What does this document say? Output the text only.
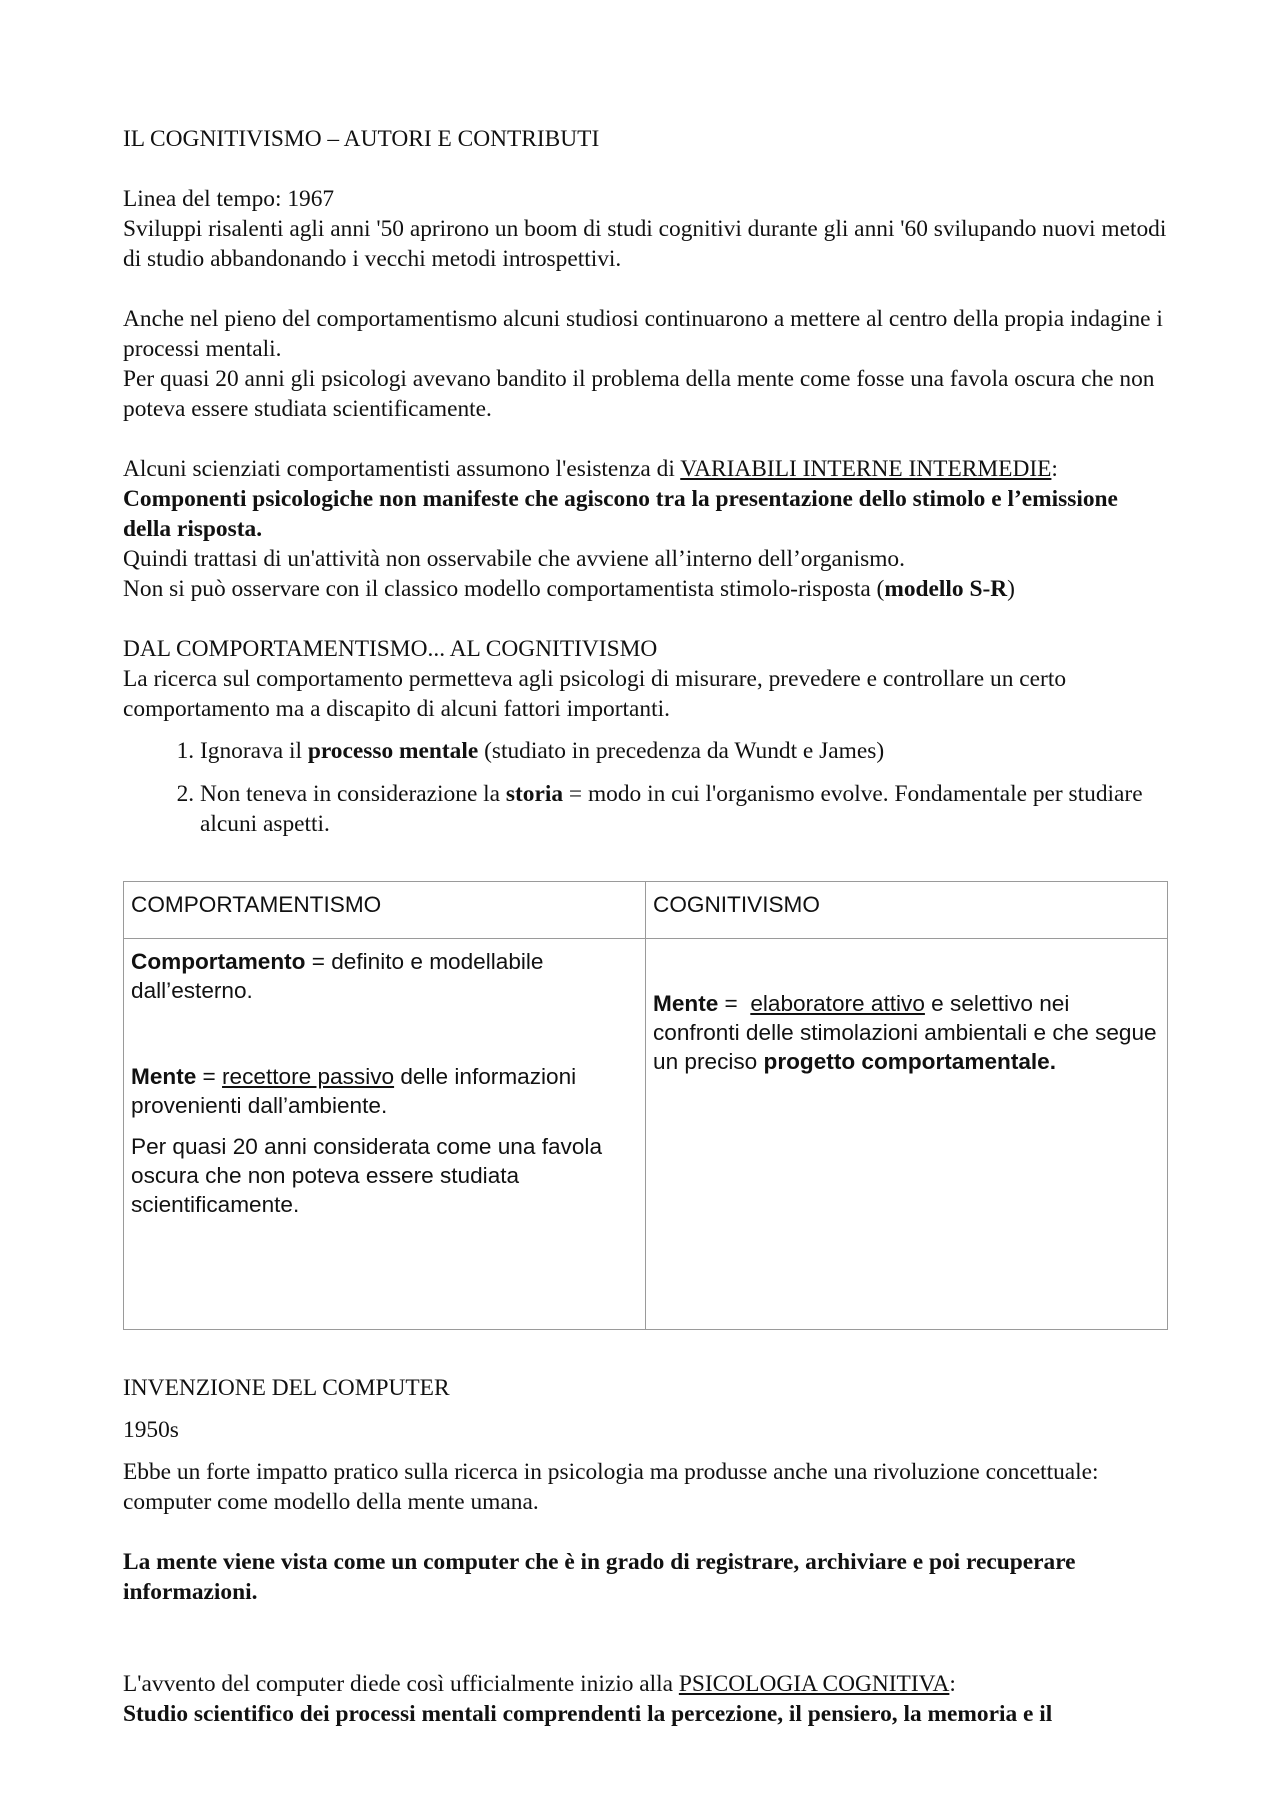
IL COGNITIVISMO – AUTORI E CONTRIBUTI

Linea del tempo: 1967

Sviluppi risalenti agli anni '50 aprirono un boom di studi cognitivi durante gli anni '60 svilupando nuovi metodi di studio abbandonando i vecchi metodi introspettivi.

Anche nel pieno del comportamentismo alcuni studiosi continuarono a mettere al centro della propia indagine i processi mentali.

Per quasi 20 anni gli psicologi avevano bandito il problema della mente come fosse una favola oscura che non poteva essere studiata scientificamente.

Alcuni scienziati comportamentisti assumono l'esistenza di VARIABILI INTERNE INTERMEDIE:

Componenti psicologiche non manifeste che agiscono tra la presentazione dello stimolo e l’emissione della risposta.

Quindi trattasi di un'attività non osservabile che avviene all’interno dell’organismo.

Non si può osservare con il classico modello comportamentista stimolo-risposta (modello S-R)

DAL COMPORTAMENTISMO... AL COGNITIVISMO

La ricerca sul comportamento permetteva agli psicologi di misurare, prevedere e controllare un certo comportamento ma a discapito di alcuni fattori importanti.

1. Ignorava il processo mentale (studiato in precedenza da Wundt e James)
2. Non teneva in considerazione la storia = modo in cui l'organismo evolve. Fondamentale per studiare alcuni aspetti.
COMPORTAMENTISMO	COGNITIVISMO

Comportamento = definito e modellabile dall’esterno.

Mente = recettore passivo delle informazioni provenienti dall’ambiente.

Per quasi 20 anni considerata come una favola oscura che non poteva essere studiata scientificamente.	Mente =  elaboratore attivo e selettivo nei confronti delle stimolazioni ambientali e che segue un preciso progetto comportamentale.

INVENZIONE DEL COMPUTER

1950s

Ebbe un forte impatto pratico sulla ricerca in psicologia ma produsse anche una rivoluzione concettuale: computer come modello della mente umana.

La mente viene vista come un computer che è in grado di registrare, archiviare e poi recuperare informazioni.

L'avvento del computer diede così ufficialmente inizio alla PSICOLOGIA COGNITIVA:

Studio scientifico dei processi mentali comprendenti la percezione, il pensiero, la memoria e il
